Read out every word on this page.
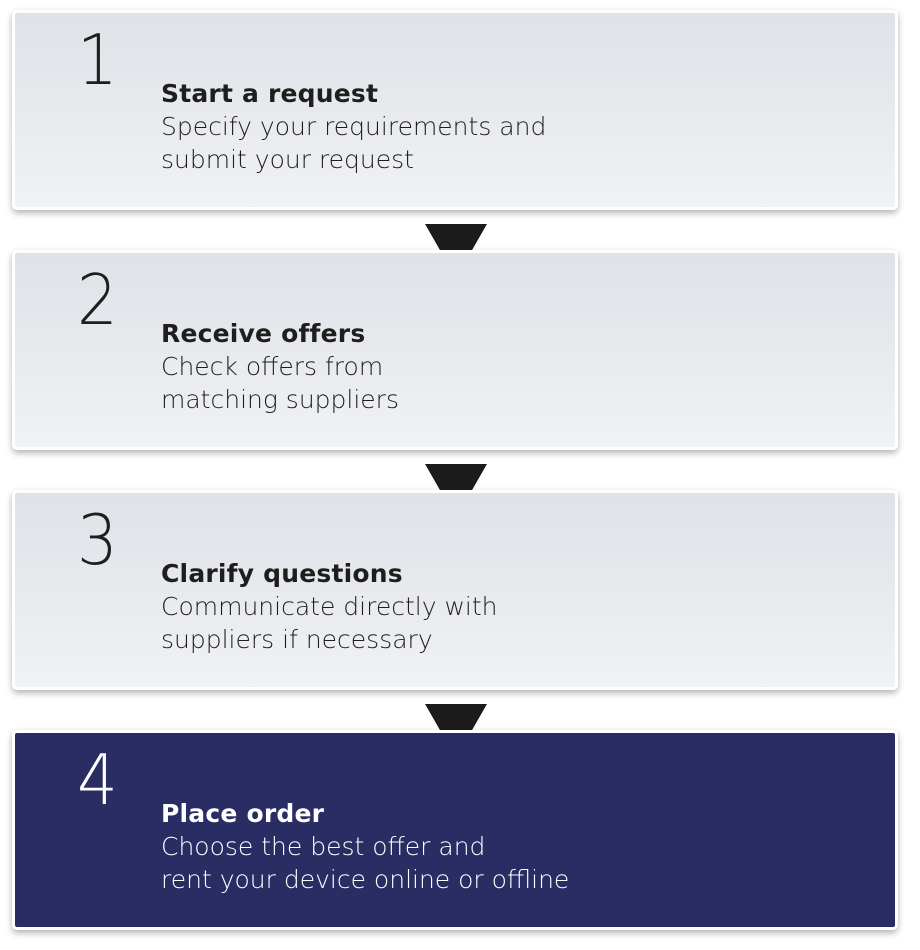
1 Start a request
Specify your requirements and
submit your request
2 Receive offers
Check offers from
matching suppliers
3 Clarify questions
Communicate directly with
suppliers if necessary
4 Place order
Choose the best offer and
rent your device online or offline
